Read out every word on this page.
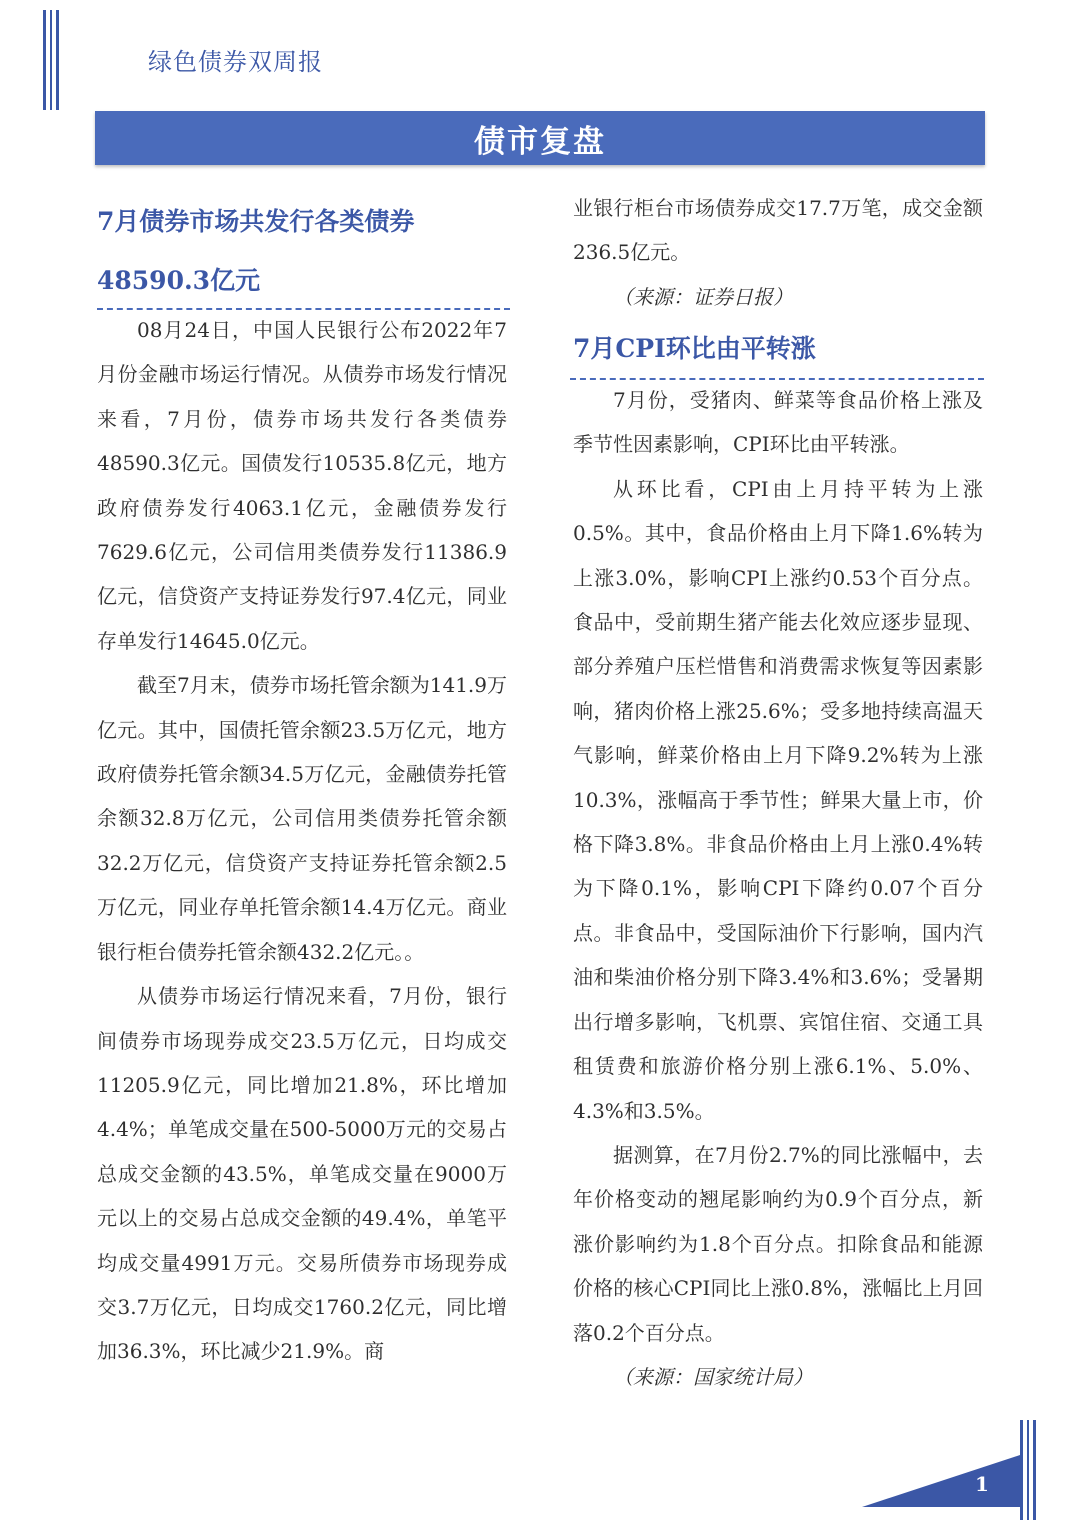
绿色债券双周报
债市复盘
7月债券市场共发行各类债券48590.3亿元

08月24日，中国人民银行公布2022年7月份金融市场运行情况。从债券市场发行情况来看，7月份，债券市场共发行各类债券48590.3亿元。国债发行10535.8亿元，地方政府债券发行4063.1亿元，金融债券发行7629.6亿元，公司信用类债券发行11386.9亿元，信贷资产支持证券发行97.4亿元，同业存单发行14645.0亿元。

截至7月末，债券市场托管余额为141.9万亿元。其中，国债托管余额23.5万亿元，地方政府债券托管余额34.5万亿元，金融债券托管余额32.8万亿元，公司信用类债券托管余额32.2万亿元，信贷资产支持证券托管余额2.5万亿元，同业存单托管余额14.4万亿元。商业银行柜台债券托管余额432.2亿元。。

从债券市场运行情况来看，7月份，银行间债券市场现券成交23.5万亿元，日均成交11205.9亿元，同比增加21.8%，环比增加4.4%；单笔成交量在500-5000万元的交易占总成交金额的43.5%，单笔成交量在9000万元以上的交易占总成交金额的49.4%，单笔平均成交量4991万元。交易所债券市场现券成交3.7万亿元，日均成交1760.2亿元，同比增加36.3%，环比减少21.9%。商

业银行柜台市场债券成交17.7万笔，成交金额236.5亿元。

（来源：证券日报）

7月CPI环比由平转涨

7月份，受猪肉、鲜菜等食品价格上涨及季节性因素影响，CPI环比由平转涨。

从环比看，CPI由上月持平转为上涨0.5%。其中，食品价格由上月下降1.6%转为上涨3.0%，影响CPI上涨约0.53个百分点。食品中，受前期生猪产能去化效应逐步显现、部分养殖户压栏惜售和消费需求恢复等因素影响，猪肉价格上涨25.6%；受多地持续高温天气影响，鲜菜价格由上月下降9.2%转为上涨10.3%，涨幅高于季节性；鲜果大量上市，价格下降3.8%。非食品价格由上月上涨0.4%转为下降0.1%，影响CPI下降约0.07个百分点。非食品中，受国际油价下行影响，国内汽油和柴油价格分别下降3.4%和3.6%；受暑期出行增多影响，飞机票、宾馆住宿、交通工具租赁费和旅游价格分别上涨6.1%、5.0%、4.3%和3.5%。

据测算，在7月份2.7%的同比涨幅中，去年价格变动的翘尾影响约为0.9个百分点，新涨价影响约为1.8个百分点。扣除食品和能源价格的核心CPI同比上涨0.8%，涨幅比上月回落0.2个百分点。

（来源：国家统计局）

1
